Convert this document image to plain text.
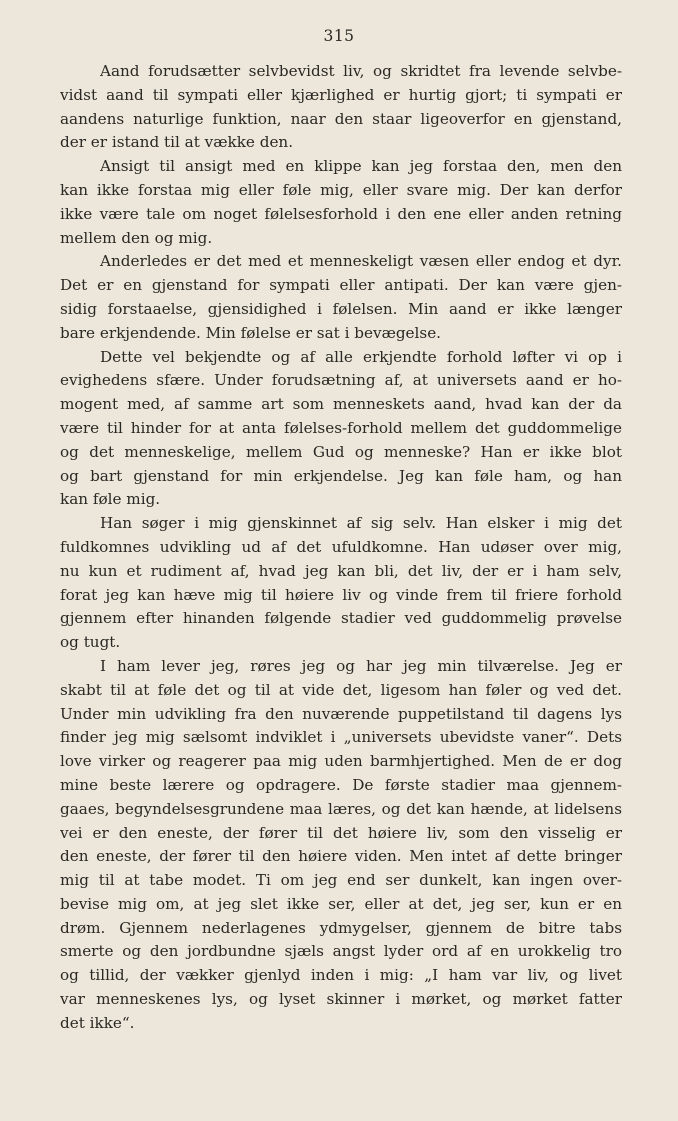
315
Aand forudsætter selvbevidst liv, og skridtet fra levende selvbe-
vidst aand til sympati eller kjærlighed er hurtig gjort; ti sympati er
aandens naturlige funktion, naar den staar ligeoverfor en gjenstand,
der er istand til at vække den.
Ansigt til ansigt med en klippe kan jeg forstaa den, men den
kan ikke forstaa mig eller føle mig, eller svare mig. Der kan derfor
ikke være tale om noget følelsesforhold i den ene eller anden retning
mellem den og mig.
Anderledes er det med et menneskeligt væsen eller endog et dyr.
Det er en gjenstand for sympati eller antipati. Der kan være gjen-
sidig forstaaelse, gjensidighed i følelsen. Min aand er ikke længer
bare erkjendende. Min følelse er sat i bevægelse.
Dette vel bekjendte og af alle erkjendte forhold løfter vi op i
evighedens sfære. Under forudsætning af, at universets aand er ho-
mogent med, af samme art som menneskets aand, hvad kan der da
være til hinder for at anta følelses-forhold mellem det guddommelige
og det menneskelige, mellem Gud og menneske? Han er ikke blot
og bart gjenstand for min erkjendelse. Jeg kan føle ham, og han
kan føle mig.
Han søger i mig gjenskinnet af sig selv. Han elsker i mig det
fuldkomnes udvikling ud af det ufuldkomne. Han udøser over mig,
nu kun et rudiment af, hvad jeg kan bli, det liv, der er i ham selv,
forat jeg kan hæve mig til høiere liv og vinde frem til friere forhold
gjennem efter hinanden følgende stadier ved guddommelig prøvelse
og tugt.
I ham lever jeg, røres jeg og har jeg min tilværelse. Jeg er
skabt til at føle det og til at vide det, ligesom han føler og ved det.
Under min udvikling fra den nuværende puppetilstand til dagens lys
finder jeg mig sælsomt indviklet i „universets ubevidste vaner“. Dets
love virker og reagerer paa mig uden barmhjertighed. Men de er dog
mine beste lærere og opdragere. De første stadier maa gjennem-
gaaes, begyndelsesgrundene maa læres, og det kan hænde, at lidelsens
vei er den eneste, der fører til det høiere liv, som den visselig er
den eneste, der fører til den høiere viden. Men intet af dette bringer
mig til at tabe modet. Ti om jeg end ser dunkelt, kan ingen over-
bevise mig om, at jeg slet ikke ser, eller at det, jeg ser, kun er en
drøm. Gjennem nederlagenes ydmygelser, gjennem de bitre tabs
smerte og den jordbundne sjæls angst lyder ord af en urokkelig tro
og tillid, der vækker gjenlyd inden i mig: „I ham var liv, og livet
var menneskenes lys, og lyset skinner i mørket, og mørket fatter
det ikke“.
